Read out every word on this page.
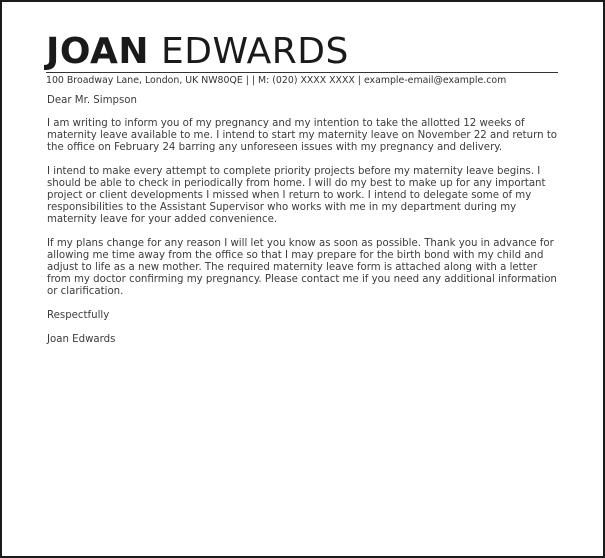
JOAN EDWARDS
100 Broadway Lane, London, UK NW80QE | | M: (020) XXXX XXXX | example-email@example.com

Dear Mr. Simpson

I am writing to inform you of my pregnancy and my intention to take the allotted 12 weeks of maternity leave available to me. I intend to start my maternity leave on November 22 and return to the office on February 24 barring any unforeseen issues with my pregnancy and delivery.

I intend to make every attempt to complete priority projects before my maternity leave begins. I should be able to check in periodically from home. I will do my best to make up for any important project or client developments I missed when I return to work. I intend to delegate some of my responsibilities to the Assistant Supervisor who works with me in my department during my maternity leave for your added convenience.

If my plans change for any reason I will let you know as soon as possible. Thank you in advance for allowing me time away from the office so that I may prepare for the birth bond with my child and adjust to life as a new mother. The required maternity leave form is attached along with a letter from my doctor confirming my pregnancy. Please contact me if you need any additional information or clarification.

Respectfully

Joan Edwards
